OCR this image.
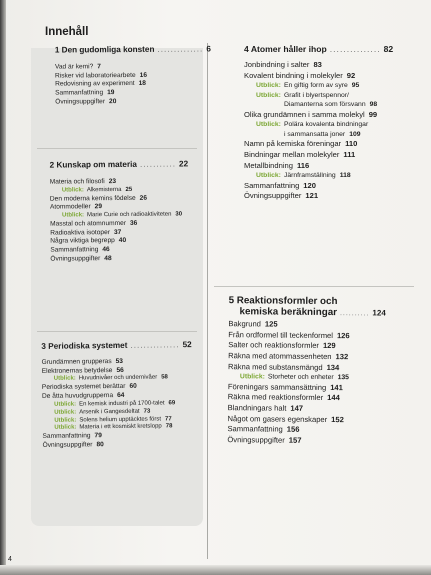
Innehåll
1 Den gudomliga konsten .............. 6
Vad är kemi? 7
Risker vid laboratoriearbete 16
Redovisning av experiment 18
Sammanfattning 19
Övningsuppgifter 20
2 Kunskap om materia ........... 22
Materia och filosofi 23
Utblick: Alkemisterna 25
Den moderna kemins födelse 26
Atommodeller 29
Utblick: Marie Curie och radioaktiviteten 30
Masstal och atomnummer 36
Radioaktiva isotoper 37
Några viktiga begrepp 40
Sammanfattning 46
Övningsuppgifter 48
3 Periodiska systemet ............... 52
Grundämnen grupperas 53
Elektronernas betydelse 56
Utblick: Huvudnivåer och undernivåer 58
Periodiska systemet berättar 60
De åtta huvudgrupperna 64
Utblick: En kemisk industri på 1700-talet 69
Utblick: Arsenik i Gangesdeltat 73
Utblick: Solens helium upptäcktes först 77
Utblick: Materia i ett kosmiskt kretslopp 78
Sammanfattning 79
Övningsuppgifter 80
4 Atomer håller ihop ............... 82
Jonbindning i salter 83
Kovalent bindning i molekyler 92
Utblick: En giftig form av syre 95
Utblick: Grafit i blyertspennor/
Diamanterna som försvann 98
Olika grundämnen i samma molekyl 99
Utblick: Polära kovalenta bindningar
i sammansatta joner 109
Namn på kemiska föreningar 110
Bindningar mellan molekyler 111
Metallbindning 116
Utblick: Järnframställning 118
Sammanfattning 120
Övningsuppgifter 121
5 Reaktionsformler och
kemiska beräkningar .......... 124
Bakgrund 125
Från ordformel till teckenformel 126
Salter och reaktionsformler 129
Räkna med atommassenheten 132
Räkna med substansmängd 134
Utblick: Storheter och enheter 135
Föreningars sammansättning 141
Räkna med reaktionsformler 144
Blandningars halt 147
Något om gasers egenskaper 152
Sammanfattning 156
Övningsuppgifter 157
4
